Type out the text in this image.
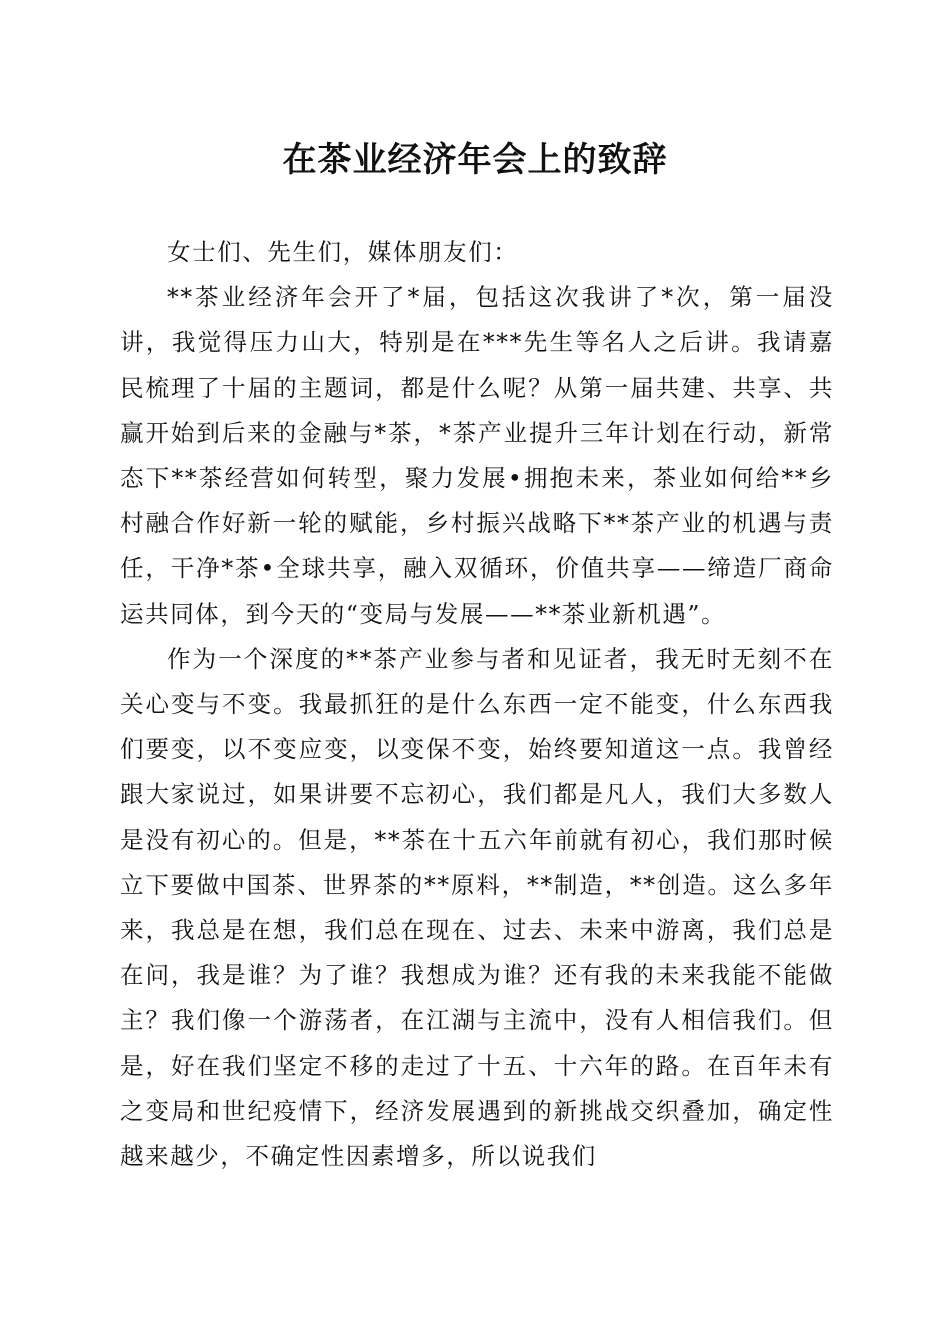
在茶业经济年会上的致辞

女士们、先生们，媒体朋友们：

**茶业经济年会开了*届，包括这次我讲了*次，第一届没讲，我觉得压力山大，特别是在***先生等名人之后讲。我请嘉民梳理了十届的主题词，都是什么呢？从第一届共建、共享、共赢开始到后来的金融与*茶，*茶产业提升三年计划在行动，新常态下**茶经营如何转型，聚力发展•拥抱未来，茶业如何给**乡村融合作好新一轮的赋能，乡村振兴战略下**茶产业的机遇与责任，干净*茶•全球共享，融入双循环，价值共享——缔造厂商命运共同体，到今天的“变局与发展——**茶业新机遇”。

作为一个深度的**茶产业参与者和见证者，我无时无刻不在关心变与不变。我最抓狂的是什么东西一定不能变，什么东西我们要变，以不变应变，以变保不变，始终要知道这一点。我曾经跟大家说过，如果讲要不忘初心，我们都是凡人，我们大多数人是没有初心的。但是，**茶在十五六年前就有初心，我们那时候立下要做中国茶、世界茶的**原料，**制造，**创造。这么多年来，我总是在想，我们总在现在、过去、未来中游离，我们总是在问，我是谁？为了谁？我想成为谁？还有我的未来我能不能做主？我们像一个游荡者，在江湖与主流中，没有人相信我们。但是，好在我们坚定不移的走过了十五、十六年的路。在百年未有之变局和世纪疫情下，经济发展遇到的新挑战交织叠加，确定性越来越少，不确定性因素增多，所以说我们
